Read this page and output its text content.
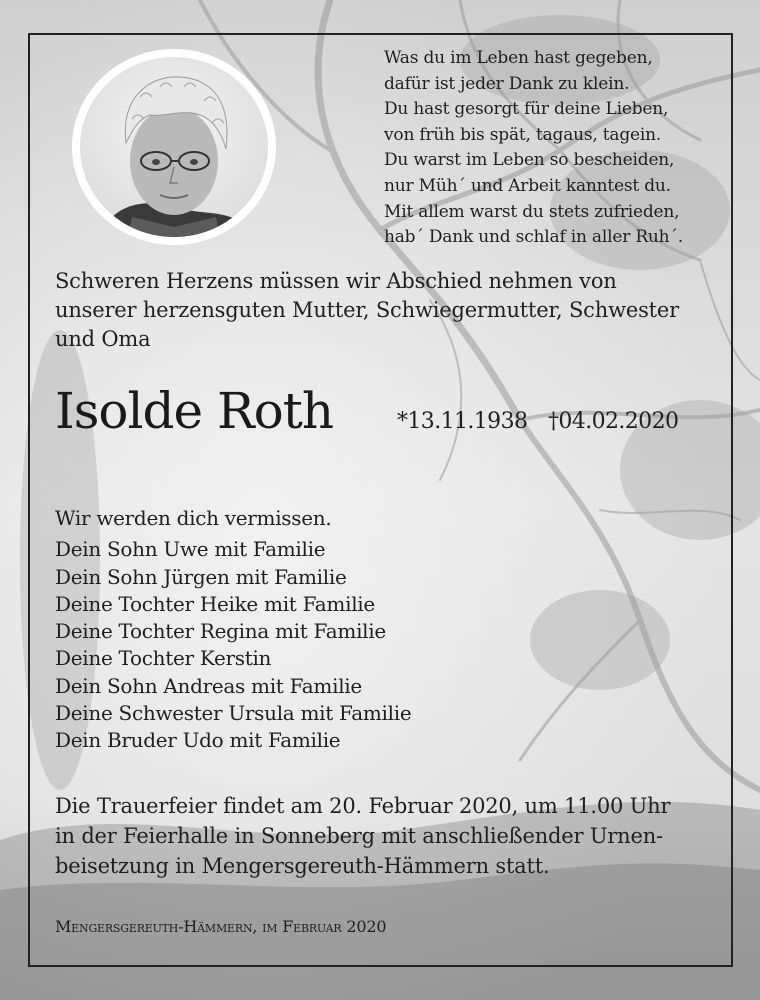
Was du im Leben hast gegeben,
dafür ist jeder Dank zu klein.
Du hast gesorgt für deine Lieben,
von früh bis spät, tagaus, tagein.
Du warst im Leben so bescheiden,
nur Müh´ und Arbeit kanntest du.
Mit allem warst du stets zufrieden,
hab´ Dank und schlaf in aller Ruh´.

Schweren Herzens müssen wir Abschied nehmen von
unserer herzensguten Mutter, Schwiegermutter, Schwester
und Oma

Isolde Roth	*13.11.1938 †04.02.2020
Wir werden dich vermissen.
Dein Sohn Uwe mit Familie
Dein Sohn Jürgen mit Familie
Deine Tochter Heike mit Familie
Deine Tochter Regina mit Familie
Deine Tochter Kerstin
Dein Sohn Andreas mit Familie
Deine Schwester Ursula mit Familie
Dein Bruder Udo mit Familie
Die Trauerfeier findet am 20. Februar 2020, um 11.00 Uhr
in der Feierhalle in Sonneberg mit anschließender Urnen-
beisetzung in Mengersgereuth-Hämmern statt.
Mengersgereuth-Hämmern, im Februar 2020
